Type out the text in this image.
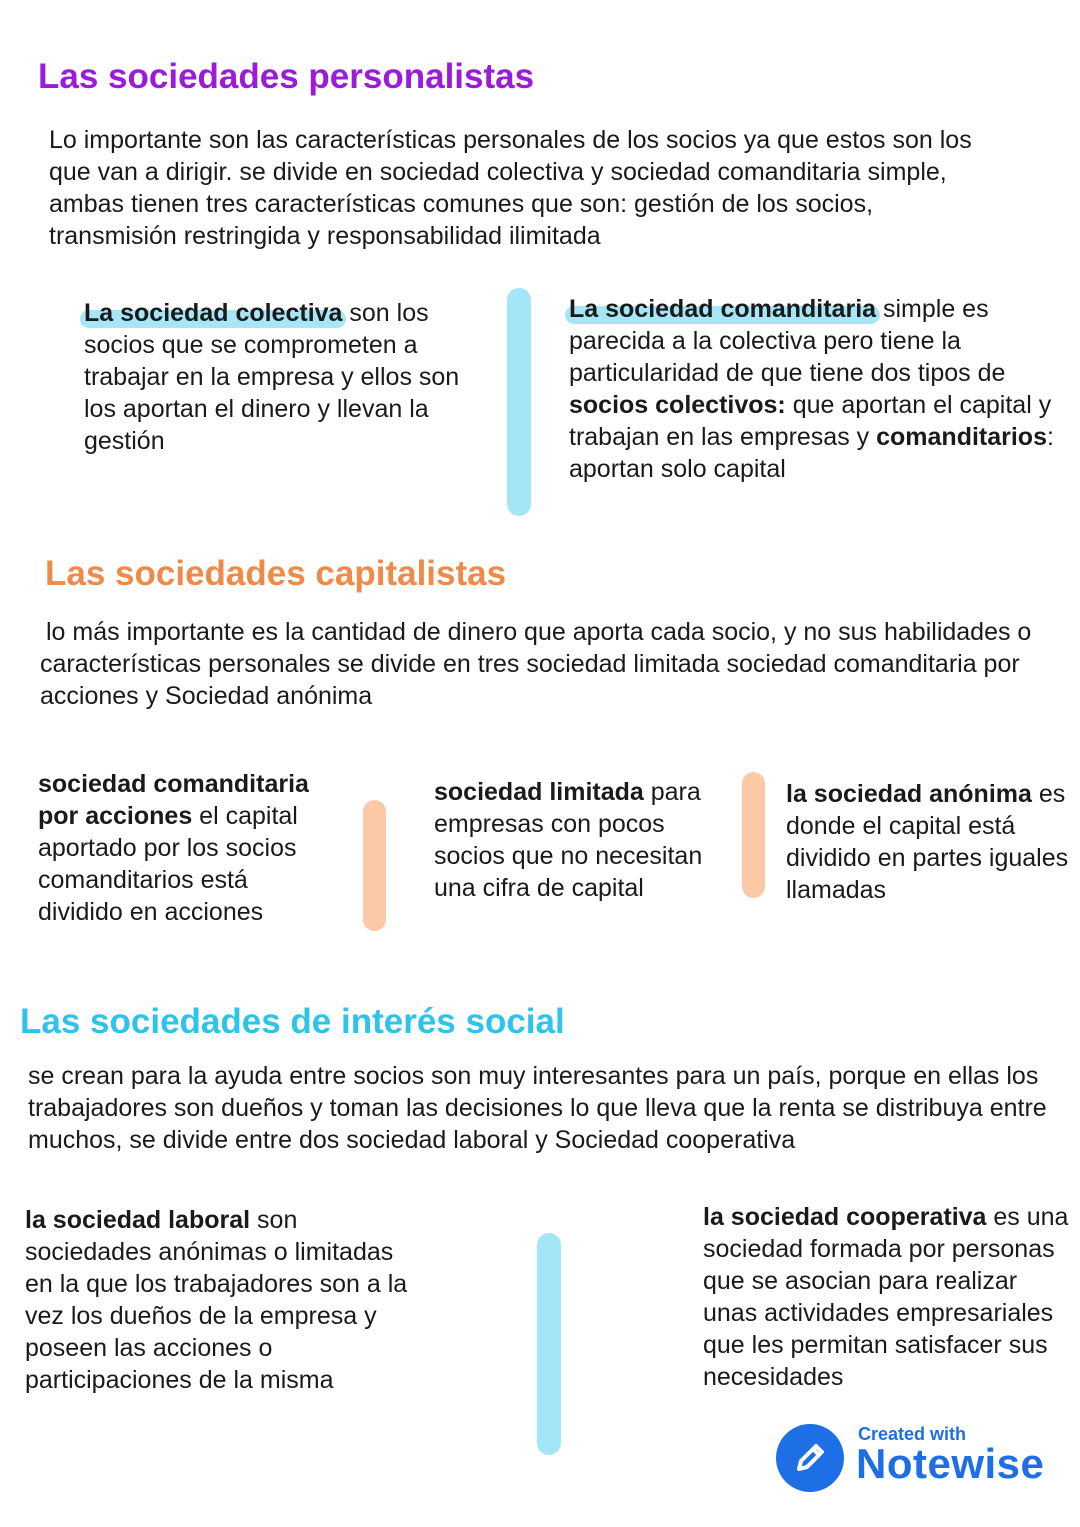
Las sociedades personalistas

Lo importante son las características personales de los socios ya que estos son los que van a dirigir. se divide en sociedad colectiva y sociedad comanditaria simple, ambas tienen tres características comunes que son: gestión de los socios, transmisión restringida y responsabilidad ilimitada

La sociedad colectiva son los socios que se comprometen a trabajar en la empresa y ellos son los aportan el dinero y llevan la gestión

La sociedad comanditaria simple es parecida a la colectiva pero tiene la particularidad de que tiene dos tipos de socios colectivos: que aportan el capital y trabajan en las empresas y comanditarios: aportan solo capital

Las sociedades capitalistas

lo más importante es la cantidad de dinero que aporta cada socio, y no sus habilidades o características personales se divide en tres sociedad limitada sociedad comanditaria por acciones y Sociedad anónima

sociedad comanditaria por acciones el capital aportado por los socios comanditarios está dividido en acciones

sociedad limitada para empresas con pocos socios que no necesitan una cifra de capital

la sociedad anónima es donde el capital está dividido en partes iguales llamadas

Las sociedades de interés social

se crean para la ayuda entre socios son muy interesantes para un país, porque en ellas los trabajadores son dueños y toman las decisiones lo que lleva que la renta se distribuya entre muchos, se divide entre dos sociedad laboral y Sociedad cooperativa

la sociedad laboral son sociedades anónimas o limitadas en la que los trabajadores son a la vez los dueños de la empresa y poseen las acciones o participaciones de la misma

la sociedad cooperativa es una sociedad formada por personas que se asocian para realizar unas actividades empresariales que les permitan satisfacer sus necesidades

Created with

Notewise
